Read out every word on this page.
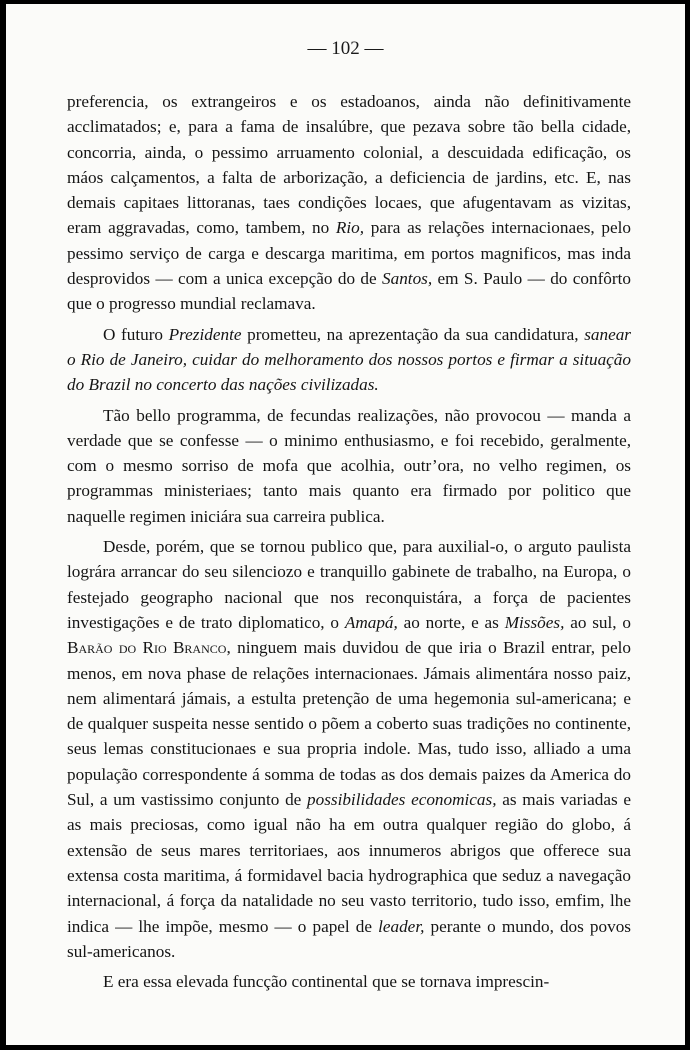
— 102 —

preferencia, os extrangeiros e os estadoanos, ainda não definitivamente acclimatados; e, para a fama de insalúbre, que pezava sobre tão bella cidade, concorria, ainda, o pessimo arruamento colonial, a descuidada edificação, os máos calçamentos, a falta de arborização, a deficiencia de jardins, etc. E, nas demais capitaes littoranas, taes condições locaes, que afugentavam as vizitas, eram aggravadas, como, tambem, no Rio, para as relações internacionaes, pelo pessimo serviço de carga e descarga maritima, em portos magnificos, mas inda desprovidos — com a unica excepção do de Santos, em S. Paulo — do confôrto que o progresso mundial reclamava.

O futuro Prezidente prometteu, na aprezentação da sua candidatura, sanear o Rio de Janeiro, cuidar do melhoramento dos nossos portos e firmar a situação do Brazil no concerto das nações civilizadas.

Tão bello programma, de fecundas realizações, não provocou — manda a verdade que se confesse — o minimo enthusiasmo, e foi recebido, geralmente, com o mesmo sorriso de mofa que acolhia, outr’ora, no velho regimen, os programmas ministeriaes; tanto mais quanto era firmado por politico que naquelle regimen iniciára sua carreira publica.

Desde, porém, que se tornou publico que, para auxilial-o, o arguto paulista lográra arrancar do seu silenciozo e tranquillo gabinete de trabalho, na Europa, o festejado geographo nacional que nos reconquistára, a força de pacientes investigações e de trato diplomatico, o Amapá, ao norte, e as Missões, ao sul, o Barão do Rio Branco, ninguem mais duvidou de que iria o Brazil entrar, pelo menos, em nova phase de relações internacionaes. Jámais alimentára nosso paiz, nem alimentará jámais, a estulta pretenção de uma hegemonia sul-americana; e de qualquer suspeita nesse sentido o põem a coberto suas tradições no continente, seus lemas constitucionaes e sua propria indole. Mas, tudo isso, alliado a uma população correspondente á somma de todas as dos demais paizes da America do Sul, a um vastissimo conjunto de possibilidades economicas, as mais variadas e as mais preciosas, como igual não ha em outra qualquer região do globo, á extensão de seus mares territoriaes, aos innumeros abrigos que offerece sua extensa costa maritima, á formidavel bacia hydrographica que seduz a navegação internacional, á força da natalidade no seu vasto territorio, tudo isso, emfim, lhe indica — lhe impõe, mesmo — o papel de leader, perante o mundo, dos povos sul-americanos.

E era essa elevada funcção continental que se tornava imprescin-
